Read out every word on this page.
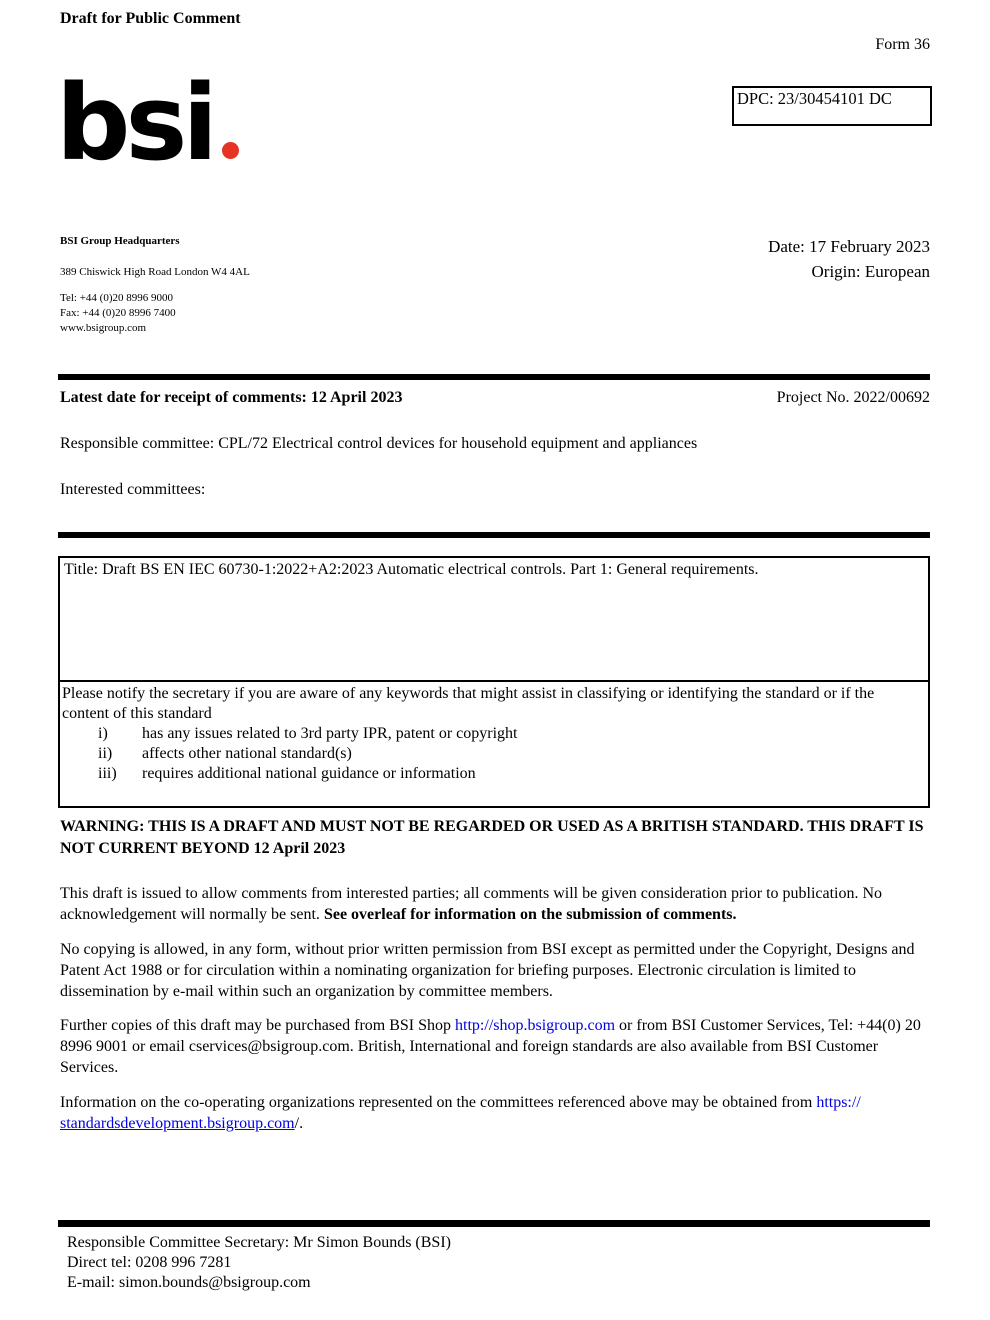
Draft for Public Comment
Form 36
DPC: 23/30454101 DC
bsi
BSI Group Headquarters
389 Chiswick High Road London W4 4AL
Tel: +44 (0)20 8996 9000
Fax: +44 (0)20 8996 7400
www.bsigroup.com
Date: 17 February 2023
Origin: European
Project No. 2022/00692
Latest date for receipt of comments: 12 April 2023
Responsible committee: CPL/72 Electrical control devices for household equipment and appliances
Interested committees:
Title: Draft BS EN IEC 60730-1:2022+A2:2023 Automatic electrical controls. Part 1: General requirements.
Please notify the secretary if you are aware of any keywords that might assist in classifying or identifying the standard or if the content of this standard
i) has any issues related to 3rd party IPR, patent or copyright
ii) affects other national standard(s)
iii) requires additional national guidance or information
WARNING: THIS IS A DRAFT AND MUST NOT BE REGARDED OR USED AS A BRITISH STANDARD. THIS DRAFT IS NOT CURRENT BEYOND 12 April 2023

This draft is issued to allow comments from interested parties; all comments will be given consideration prior to publication. No acknowledgement will normally be sent. See overleaf for information on the submission of comments.

No copying is allowed, in any form, without prior written permission from BSI except as permitted under the Copyright, Designs and Patent Act 1988 or for circulation within a nominating organization for briefing purposes. Electronic circulation is limited to dissemination by e-mail within such an organization by committee members.

Further copies of this draft may be purchased from BSI Shop http://shop.bsigroup.com or from BSI Customer Services, Tel: +44(0) 20 8996 9001 or email cservices@bsigroup.com. British, International and foreign standards are also available from BSI Customer Services.

Information on the co-operating organizations represented on the committees referenced above may be obtained from https://
standardsdevelopment.bsigroup.com/.

Responsible Committee Secretary: Mr Simon Bounds (BSI)
Direct tel: 0208 996 7281
E-mail: simon.bounds@bsigroup.com
